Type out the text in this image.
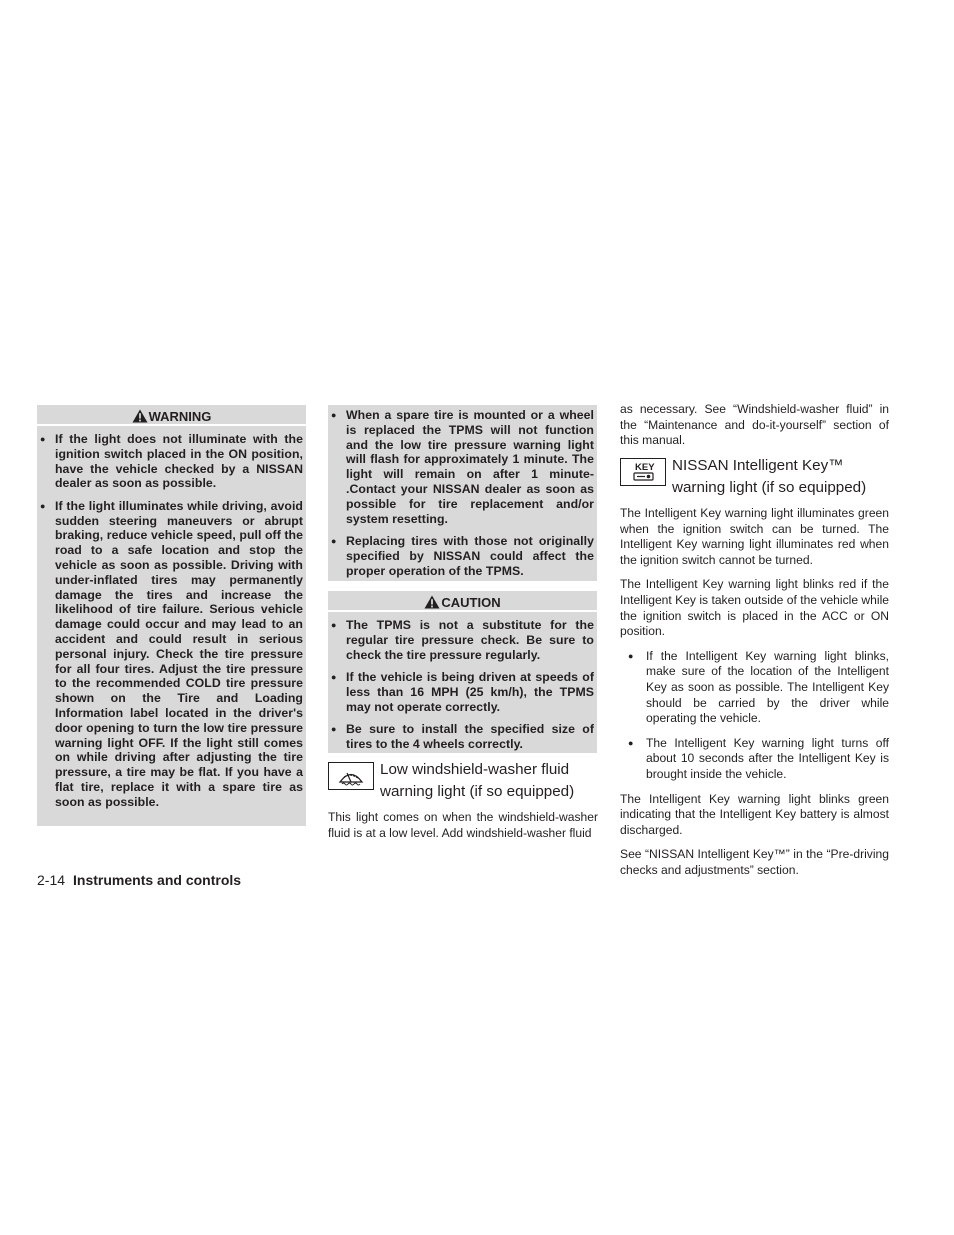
WARNING
● If the light does not illuminate with the ignition switch placed in the ON position, have the vehicle checked by a NISSAN dealer as soon as possible.
● If the light illuminates while driving, avoid sudden steering maneuvers or abrupt braking, reduce vehicle speed, pull off the road to a safe location and stop the vehicle as soon as possible. Driving with under-inflated tires may permanently damage the tires and increase the likelihood of tire failure. Serious vehicle damage could occur and may lead to an accident and could result in serious personal injury. Check the tire pressure for all four tires. Adjust the tire pressure to the recommended COLD tire pressure shown on the Tire and Loading Information label located in the driver's door opening to turn the low tire pressure warning light OFF. If the light still comes on while driving after adjusting the tire pressure, a tire may be flat. If you have a flat tire, replace it with a spare tire as soon as possible.
● When a spare tire is mounted or a wheel is replaced the TPMS will not function and the low tire pressure warning light will flash for approximately 1 minute. The light will remain on after 1 minute- .Contact your NISSAN dealer as soon as possible for tire replacement and/or system resetting.
● Replacing tires with those not originally specified by NISSAN could affect the proper operation of the TPMS.
CAUTION
● The TPMS is not a substitute for the regular tire pressure check. Be sure to check the tire pressure regularly.
● If the vehicle is being driven at speeds of less than 16 MPH (25 km/h), the TPMS may not operate correctly.
● Be sure to install the specified size of tires to the 4 wheels correctly.
Low windshield-washer fluid
warning light (if so equipped)

This light comes on when the windshield-washer fluid is at a low level. Add windshield-washer fluid

as necessary. See “Windshield-washer fluid” in the “Maintenance and do-it-yourself” section of this manual.

KEY NISSAN Intelligent Key™
warning light (if so equipped)

The Intelligent Key warning light illuminates green when the ignition switch can be turned. The Intelligent Key warning light illuminates red when the ignition switch cannot be turned.

The Intelligent Key warning light blinks red if the Intelligent Key is taken outside of the vehicle while the ignition switch is placed in the ACC or ON position.

● If the Intelligent Key warning light blinks, make sure of the location of the Intelligent Key as soon as possible. The Intelligent Key should be carried by the driver while operating the vehicle.
● The Intelligent Key warning light turns off about 10 seconds after the Intelligent Key is brought inside the vehicle.

The Intelligent Key warning light blinks green indicating that the Intelligent Key battery is almost discharged.

See “NISSAN Intelligent Key™” in the “Pre-driving checks and adjustments” section.

2-14 Instruments and controls
